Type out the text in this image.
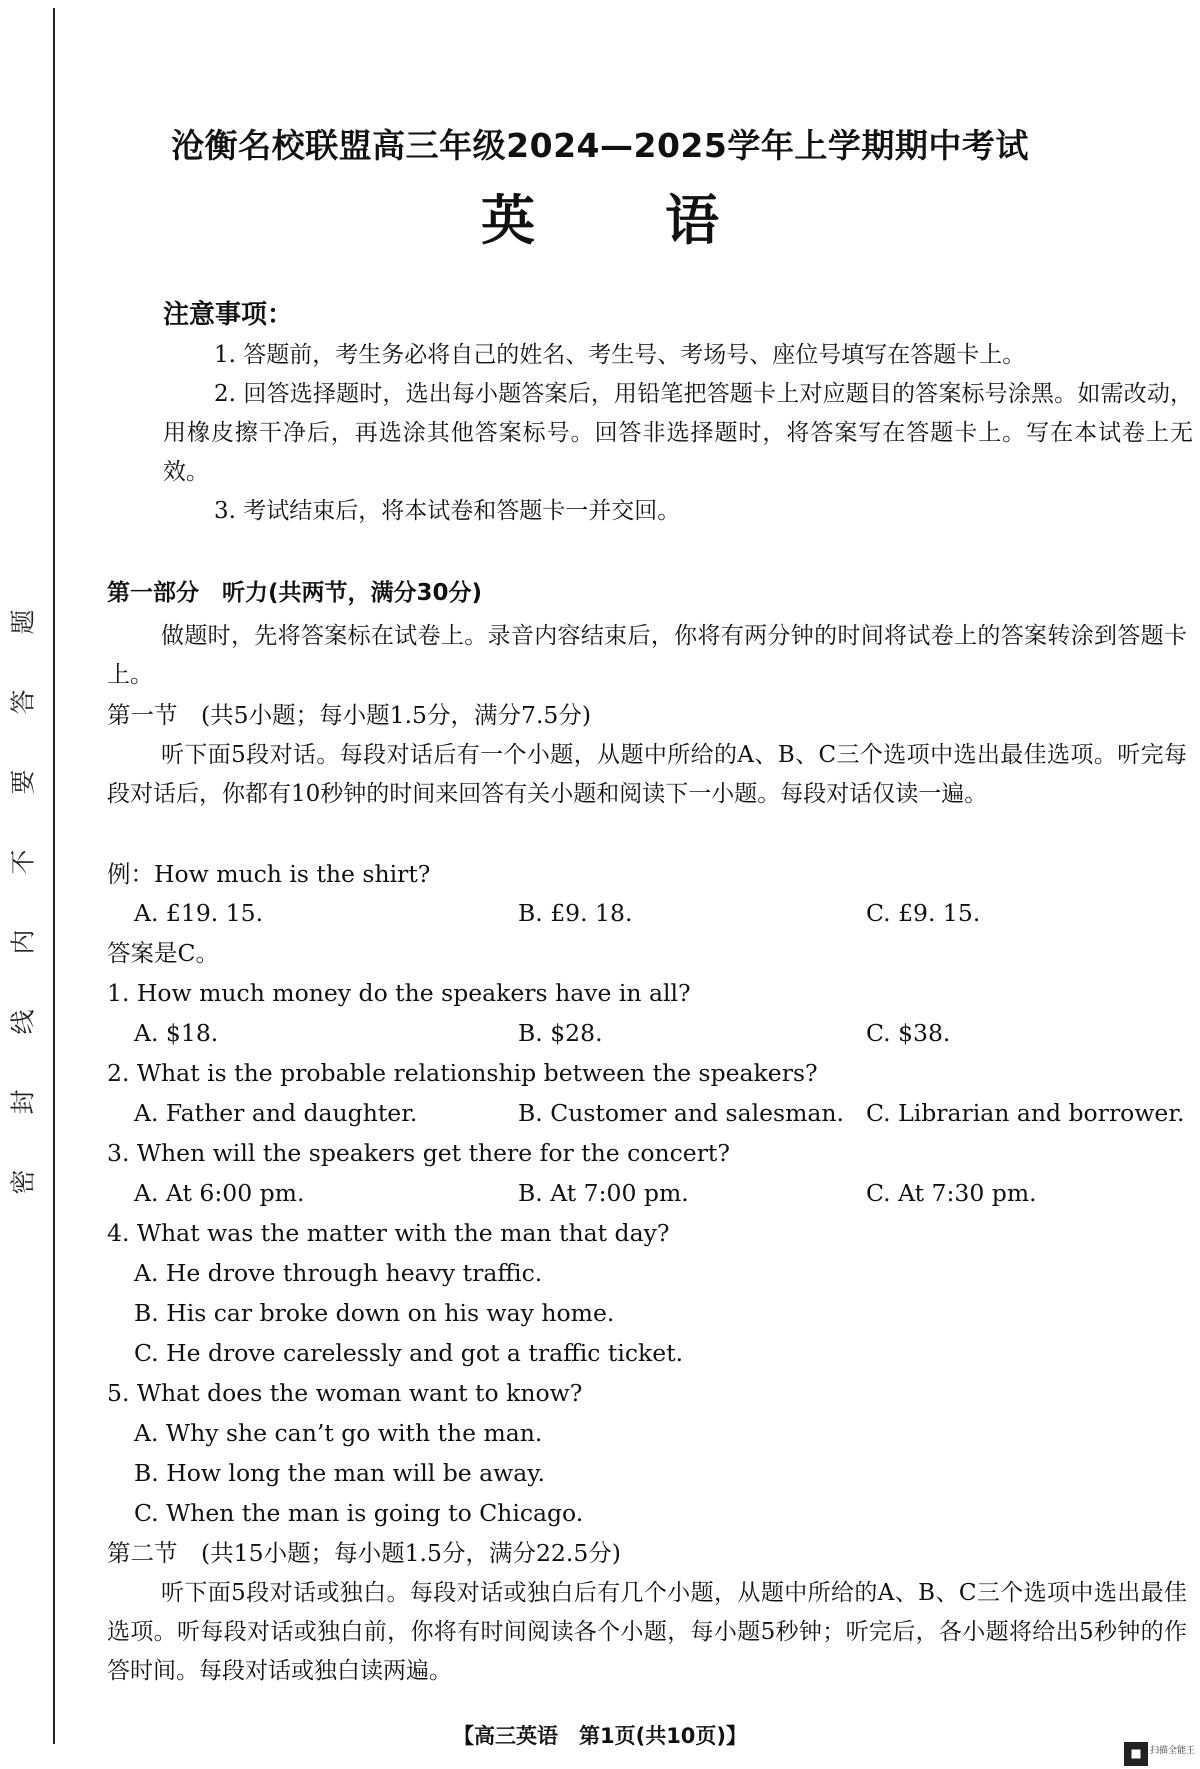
题
答
要
不
内
线
封
密
沧衡名校联盟高三年级2024—2025学年上学期期中考试
英语
注意事项：
1. 答题前，考生务必将自己的姓名、考生号、考场号、座位号填写在答题卡上。
2. 回答选择题时，选出每小题答案后，用铅笔把答题卡上对应题目的答案标号涂黑。如需改动，用橡皮擦干净后，再选涂其他答案标号。回答非选择题时，将答案写在答题卡上。写在本试卷上无效。
3. 考试结束后，将本试卷和答题卡一并交回。
第一部分　听力(共两节，满分30分)
做题时，先将答案标在试卷上。录音内容结束后，你将有两分钟的时间将试卷上的答案转涂到答题卡上。
第一节　(共5小题；每小题1.5分，满分7.5分)
听下面5段对话。每段对话后有一个小题，从题中所给的A、B、C三个选项中选出最佳选项。听完每段对话后，你都有10秒钟的时间来回答有关小题和阅读下一小题。每段对话仅读一遍。
例：How much is the shirt?
A. £19. 15.	B. £9. 18.	C. £9. 15.
答案是C。
1. How much money do the speakers have in all?
A. $18.	B. $28.	C. $38.
2. What is the probable relationship between the speakers?
A. Father and daughter.	B. Customer and salesman. C. Librarian and borrower.
3. When will the speakers get there for the concert?
A. At 6:00 pm.	B. At 7:00 pm.	C. At 7:30 pm.
4. What was the matter with the man that day?
A. He drove through heavy traffic.
B. His car broke down on his way home.
C. He drove carelessly and got a traffic ticket.
5. What does the woman want to know?
A. Why she can’t go with the man.
B. How long the man will be away.
C. When the man is going to Chicago.
第二节　(共15小题；每小题1.5分，满分22.5分)
听下面5段对话或独白。每段对话或独白后有几个小题，从题中所给的A、B、C三个选项中选出最佳选项。听每段对话或独白前，你将有时间阅读各个小题，每小题5秒钟；听完后，各小题将给出5秒钟的作答时间。每段对话或独白读两遍。
【高三英语　第1页(共10页)】
扫描全能王
